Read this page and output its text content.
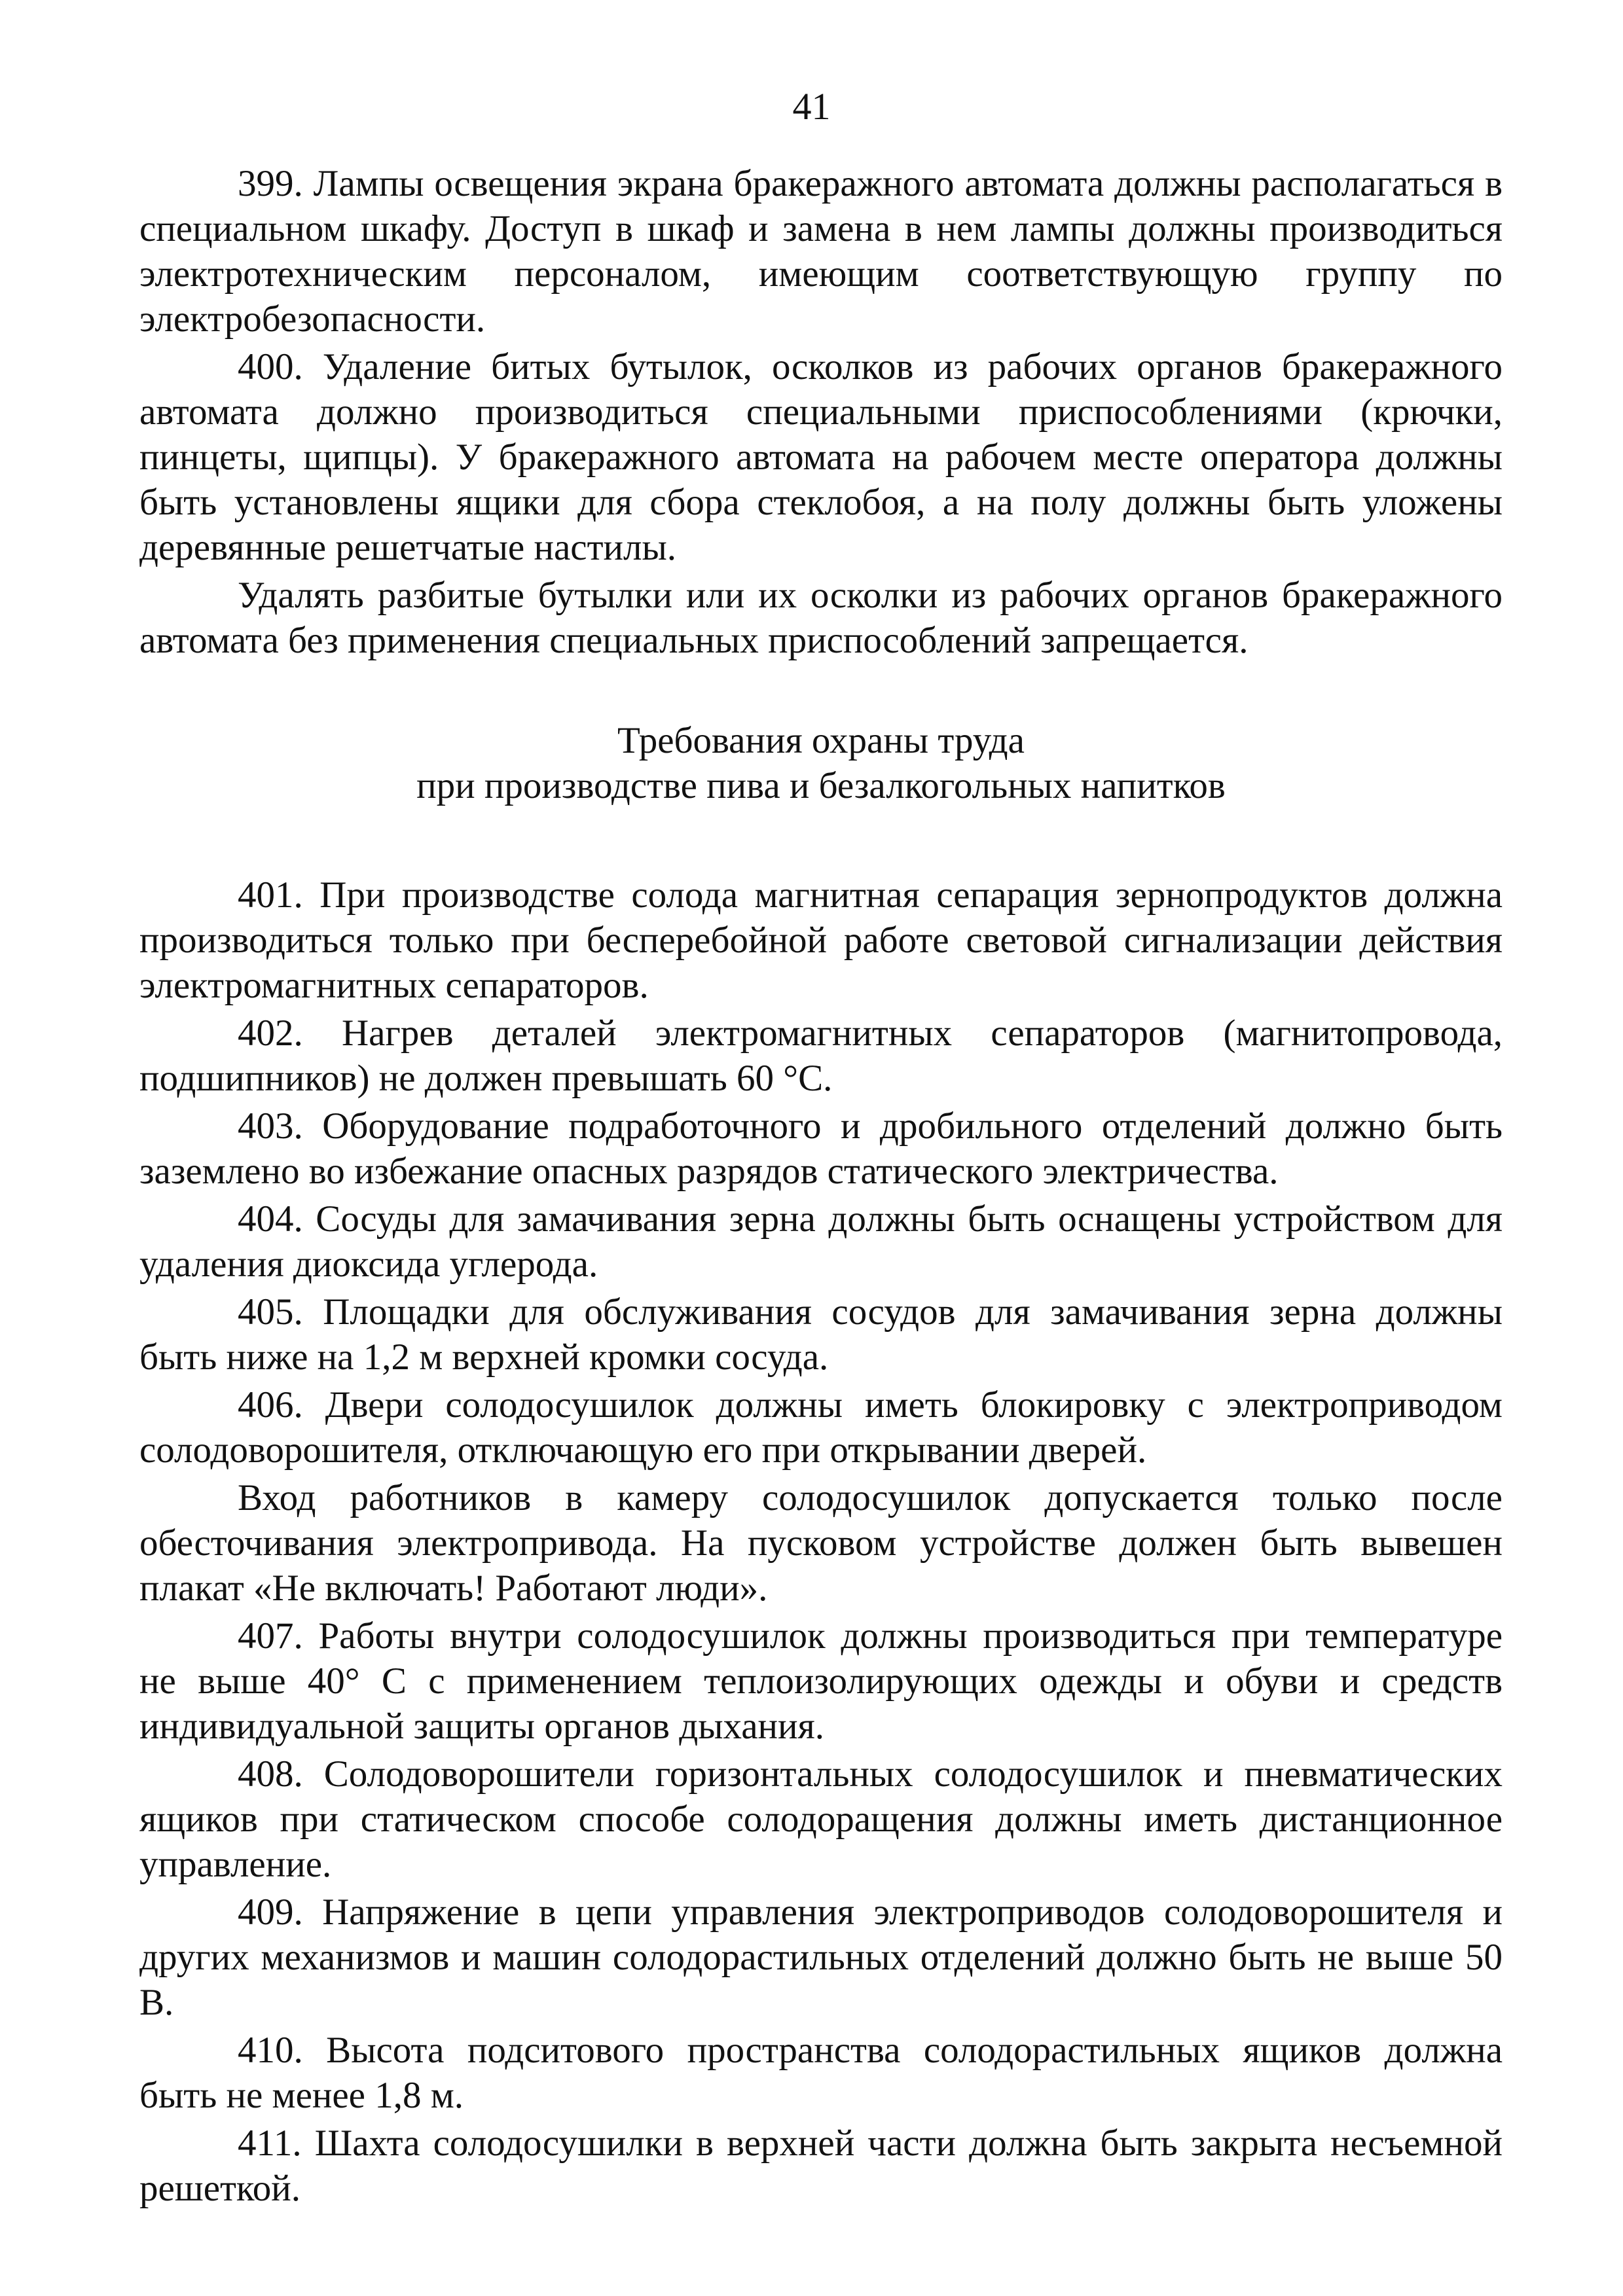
41

399. Лампы освещения экрана бракеражного автомата должны располагаться в специальном шкафу. Доступ в шкаф и замена в нем лампы должны производиться электротехническим персоналом, имеющим соответствующую группу по электробезопасности.

400. Удаление битых бутылок, осколков из рабочих органов бракеражного автомата должно производиться специальными приспособлениями (крючки, пинцеты, щипцы). У бракеражного автомата на рабочем месте оператора должны быть установлены ящики для сбора стеклобоя, а на полу должны быть уложены деревянные решетчатые настилы.

Удалять разбитые бутылки или их осколки из рабочих органов бракеражного автомата без применения специальных приспособлений запрещается.

Требования охраны труда

при производстве пива и безалкогольных напитков

401. При производстве солода магнитная сепарация зернопродуктов должна производиться только при бесперебойной работе световой сигнализации действия электромагнитных сепараторов.

402. Нагрев деталей электромагнитных сепараторов (магнитопровода, подшипников) не должен превышать 60 °С.

403. Оборудование подработочного и дробильного отделений должно быть заземлено во избежание опасных разрядов статического электричества.

404. Сосуды для замачивания зерна должны быть оснащены устройством для удаления диоксида углерода.

405. Площадки для обслуживания сосудов для замачивания зерна должны быть ниже на 1,2 м верхней кромки сосуда.

406. Двери солодосушилок должны иметь блокировку с электроприводом солодоворошителя, отключающую его при открывании дверей.

Вход работников в камеру солодосушилок допускается только после обесточивания электропривода. На пусковом устройстве должен быть вывешен плакат «Не включать! Работают люди».

407. Работы внутри солодосушилок должны производиться при температуре не выше 40° С с применением теплоизолирующих одежды и обуви и средств индивидуальной защиты органов дыхания.

408. Солодоворошители горизонтальных солодосушилок и пневматических ящиков при статическом способе солодоращения должны иметь дистанционное управление.

409. Напряжение в цепи управления электроприводов солодоворошителя и других механизмов и машин солодорастильных отделений должно быть не выше 50 В.

410. Высота подситового пространства солодорастильных ящиков должна быть не менее 1,8 м.

411. Шахта солодосушилки в верхней части должна быть закрыта несъемной решеткой.
